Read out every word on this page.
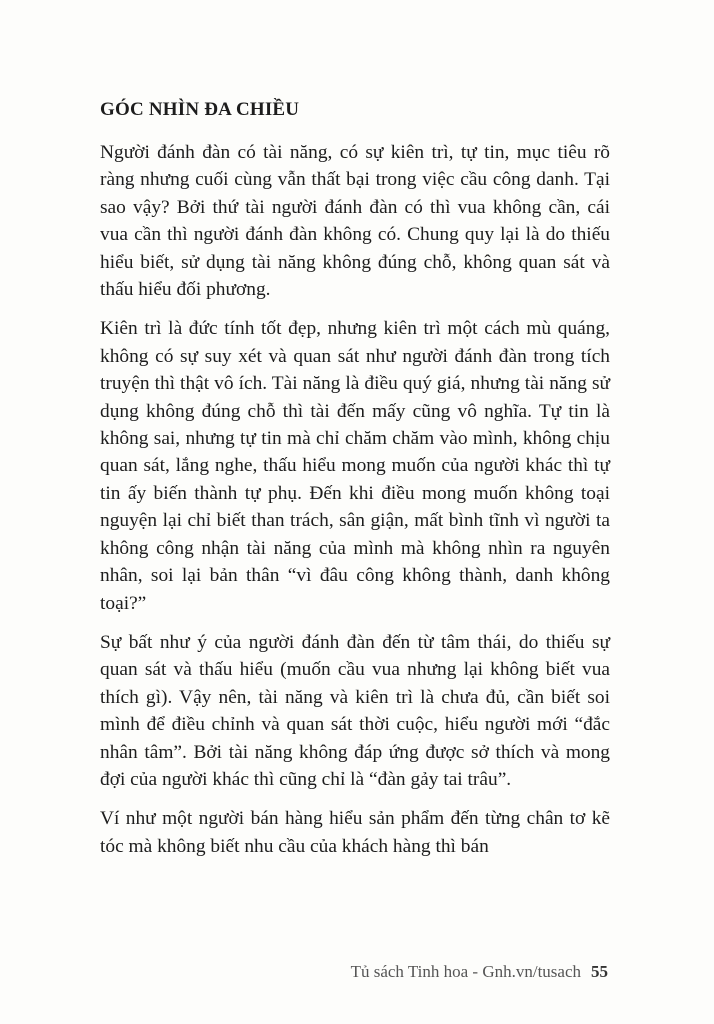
GÓC NHÌN ĐA CHIỀU

Người đánh đàn có tài năng, có sự kiên trì, tự tin, mục tiêu rõ ràng nhưng cuối cùng vẫn thất bại trong việc cầu công danh. Tại sao vậy? Bởi thứ tài người đánh đàn có thì vua không cần, cái vua cần thì người đánh đàn không có. Chung quy lại là do thiếu hiểu biết, sử dụng tài năng không đúng chỗ, không quan sát và thấu hiểu đối phương.

Kiên trì là đức tính tốt đẹp, nhưng kiên trì một cách mù quáng, không có sự suy xét và quan sát như người đánh đàn trong tích truyện thì thật vô ích. Tài năng là điều quý giá, nhưng tài năng sử dụng không đúng chỗ thì tài đến mấy cũng vô nghĩa. Tự tin là không sai, nhưng tự tin mà chỉ chăm chăm vào mình, không chịu quan sát, lắng nghe, thấu hiểu mong muốn của người khác thì tự tin ấy biến thành tự phụ. Đến khi điều mong muốn không toại nguyện lại chỉ biết than trách, sân giận, mất bình tĩnh vì người ta không công nhận tài năng của mình mà không nhìn ra nguyên nhân, soi lại bản thân “vì đâu công không thành, danh không toại?”

Sự bất như ý của người đánh đàn đến từ tâm thái, do thiếu sự quan sát và thấu hiểu (muốn cầu vua nhưng lại không biết vua thích gì). Vậy nên, tài năng và kiên trì là chưa đủ, cần biết soi mình để điều chỉnh và quan sát thời cuộc, hiểu người mới “đắc nhân tâm”. Bởi tài năng không đáp ứng được sở thích và mong đợi của người khác thì cũng chỉ là “đàn gảy tai trâu”.

Ví như một người bán hàng hiểu sản phẩm đến từng chân tơ kẽ tóc mà không biết nhu cầu của khách hàng thì bán

Tủ sách Tinh hoa - Gnh.vn/tusach 55
